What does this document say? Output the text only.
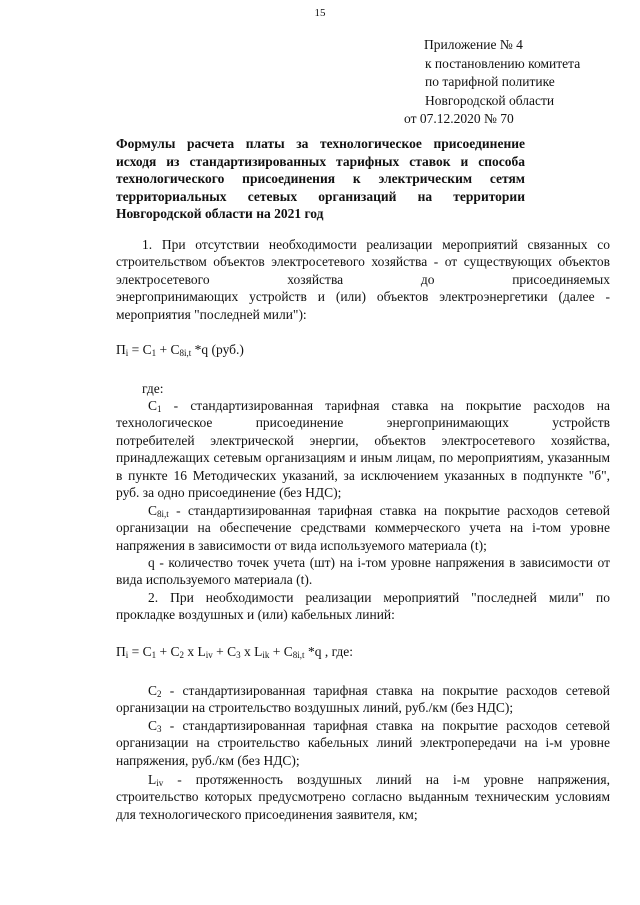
15
Приложение № 4
к постановлению комитета
по тарифной политике
Новгородской области
от 07.12.2020 № 70
Формулы расчета платы за технологическое присоединение исходя из стандартизированных тарифных ставок и способа технологического присоединения к электрическим сетям территориальных сетевых организаций на территории Новгородской области на 2021 год
1. При отсутствии необходимости реализации мероприятий связанных со строительством объектов электросетевого хозяйства - от существующих объектов электросетевого хозяйства до присоединяемых
энергопринимающих устройств и (или) объектов электроэнергетики (далее - мероприятия "последней мили"):
$П_i = С_1 + С_{8i,t}$ *q (руб.)
где:
$С_1$ - стандартизированная тарифная ставка на покрытие расходов на технологическое присоединение энергопринимающих устройств
потребителей электрической энергии, объектов электросетевого хозяйства, принадлежащих сетевым организациям и иным лицам, по мероприятиям, указанным в пункте 16 Методических указаний, за исключением указанных в подпункте "б", руб. за одно присоединение (без НДС);
$С_{8i,t}$ - стандартизированная тарифная ставка на покрытие расходов сетевой организации на обеспечение средствами коммерческого учета на i-том уровне напряжения в зависимости от вида используемого материала (t);
q - количество точек учета (шт) на i-том уровне напряжения в зависимости от вида используемого материала (t).
2. При необходимости реализации мероприятий "последней мили" по прокладке воздушных и (или) кабельных линий:
$П_i = С_1 + С_2$ x $L_{iv} + С_3$ x $L_{ik} + С_{8i,t}$ *q , где:
$С_2$ - стандартизированная тарифная ставка на покрытие расходов сетевой организации на строительство воздушных линий, руб./км (без НДС);
$С_3$ - стандартизированная тарифная ставка на покрытие расходов сетевой организации на строительство кабельных линий электропередачи на i-м уровне напряжения, руб./км (без НДС);
$L_{iv}$ - протяженность воздушных линий на i-м уровне напряжения, строительство которых предусмотрено согласно выданным техническим условиям для технологического присоединения заявителя, км;
